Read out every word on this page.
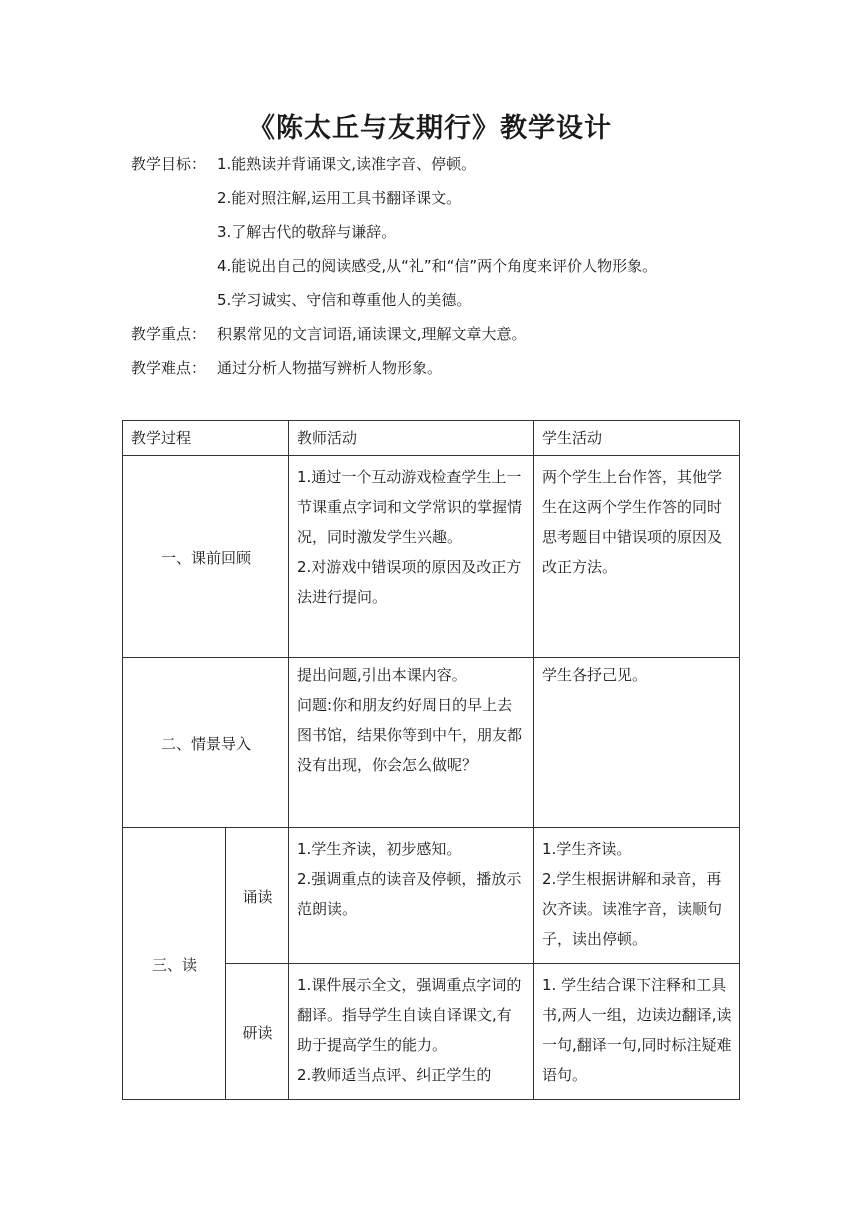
《陈太丘与友期行》教学设计
教学目标： 1.能熟读并背诵课文,读准字音、停顿。
2.能对照注解,运用工具书翻译课文。
3.了解古代的敬辞与谦辞。
4.能说出自己的阅读感受,从“礼”和“信”两个角度来评价人物形象。
5.学习诚实、守信和尊重他人的美德。
教学重点： 积累常见的文言词语,诵读课文,理解文章大意。
教学难点： 通过分析人物描写辨析人物形象。
教学过程		教师活动	学生活动
一、课前回顾		1.通过一个互动游戏检查学生上一节课重点字词和文学常识的掌握情况，同时激发学生兴趣。
2.对游戏中错误项的原因及改正方法进行提问。	两个学生上台作答，其他学生在这两个学生作答的同时思考题目中错误项的原因及改正方法。

二、情景导入		提出问题,引出本课内容。
问题:你和朋友约好周日的早上去图书馆，结果你等到中午，朋友都没有出现，你会怎么做呢？	学生各抒己见。

三、读	诵读	1.学生齐读，初步感知。
2.强调重点的读音及停顿，播放示范朗读。	1.学生齐读。
2.学生根据讲解和录音，再次齐读。读准字音，读顺句子，读出停顿。

	研读	1.课件展示全文，强调重点字词的翻译。指导学生自读自译课文,有助于提高学生的能力。
2.教师适当点评、纠正学生的	1. 学生结合课下注释和工具书,两人一组，边读边翻译,读一句,翻译一句,同时标注疑难语句。
